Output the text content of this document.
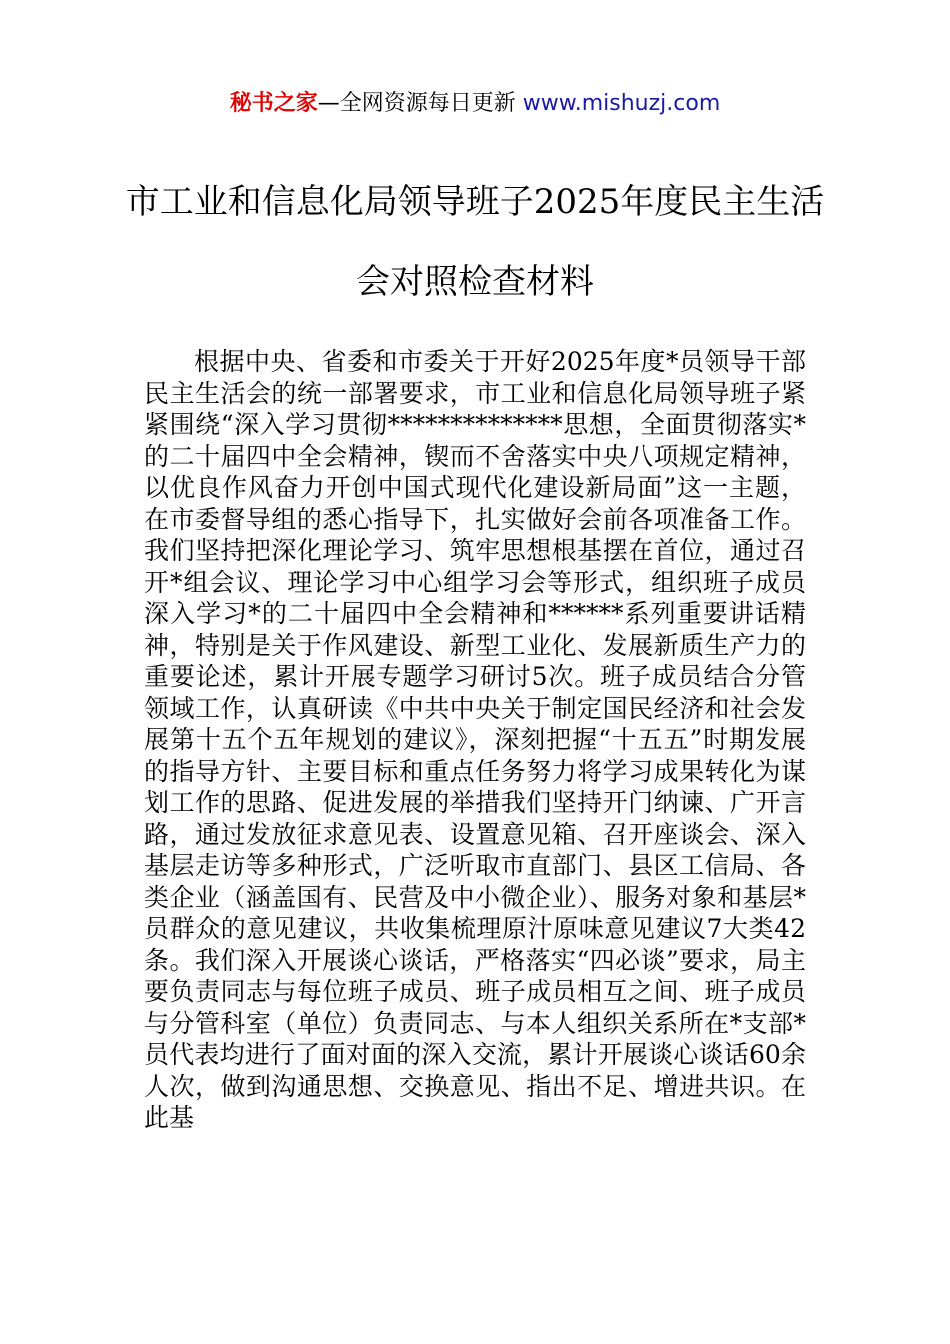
秘书之家—全网资源每日更新 www.mishuzj.com
市工业和信息化局领导班子2025年度民主生活会对照检查材料

根据中央、省委和市委关于开好2025年度*员领导干部民主生活会的统一部署要求，市工业和信息化局领导班子紧紧围绕“深入学习贯彻**************思想，全面贯彻落实*的二十届四中全会精神，锲而不舍落实中央八项规定精神，以优良作风奋力开创中国式现代化建设新局面”这一主题，在市委督导组的悉心指导下，扎实做好会前各项准备工作。我们坚持把深化理论学习、筑牢思想根基摆在首位，通过召开*组会议、理论学习中心组学习会等形式，组织班子成员深入学习*的二十届四中全会精神和******系列重要讲话精神，特别是关于作风建设、新型工业化、发展新质生产力的重要论述，累计开展专题学习研讨5次。班子成员结合分管领域工作，认真研读《中共中央关于制定国民经济和社会发展第十五个五年规划的建议》，深刻把握“十五五”时期发展的指导方针、主要目标和重点任务努力将学习成果转化为谋划工作的思路、促进发展的举措我们坚持开门纳谏、广开言路，通过发放征求意见表、设置意见箱、召开座谈会、深入基层走访等多种形式，广泛听取市直部门、县区工信局、各类企业（涵盖国有、民营及中小微企业）、服务对象和基层*员群众的意见建议，共收集梳理原汁原味意见建议7大类42条。我们深入开展谈心谈话，严格落实“四必谈”要求，局主要负责同志与每位班子成员、班子成员相互之间、班子成员与分管科室（单位）负责同志、与本人组织关系所在*支部*员代表均进行了面对面的深入交流，累计开展谈心谈话60余人次，做到沟通思想、交换意见、指出不足、增进共识。在此基
